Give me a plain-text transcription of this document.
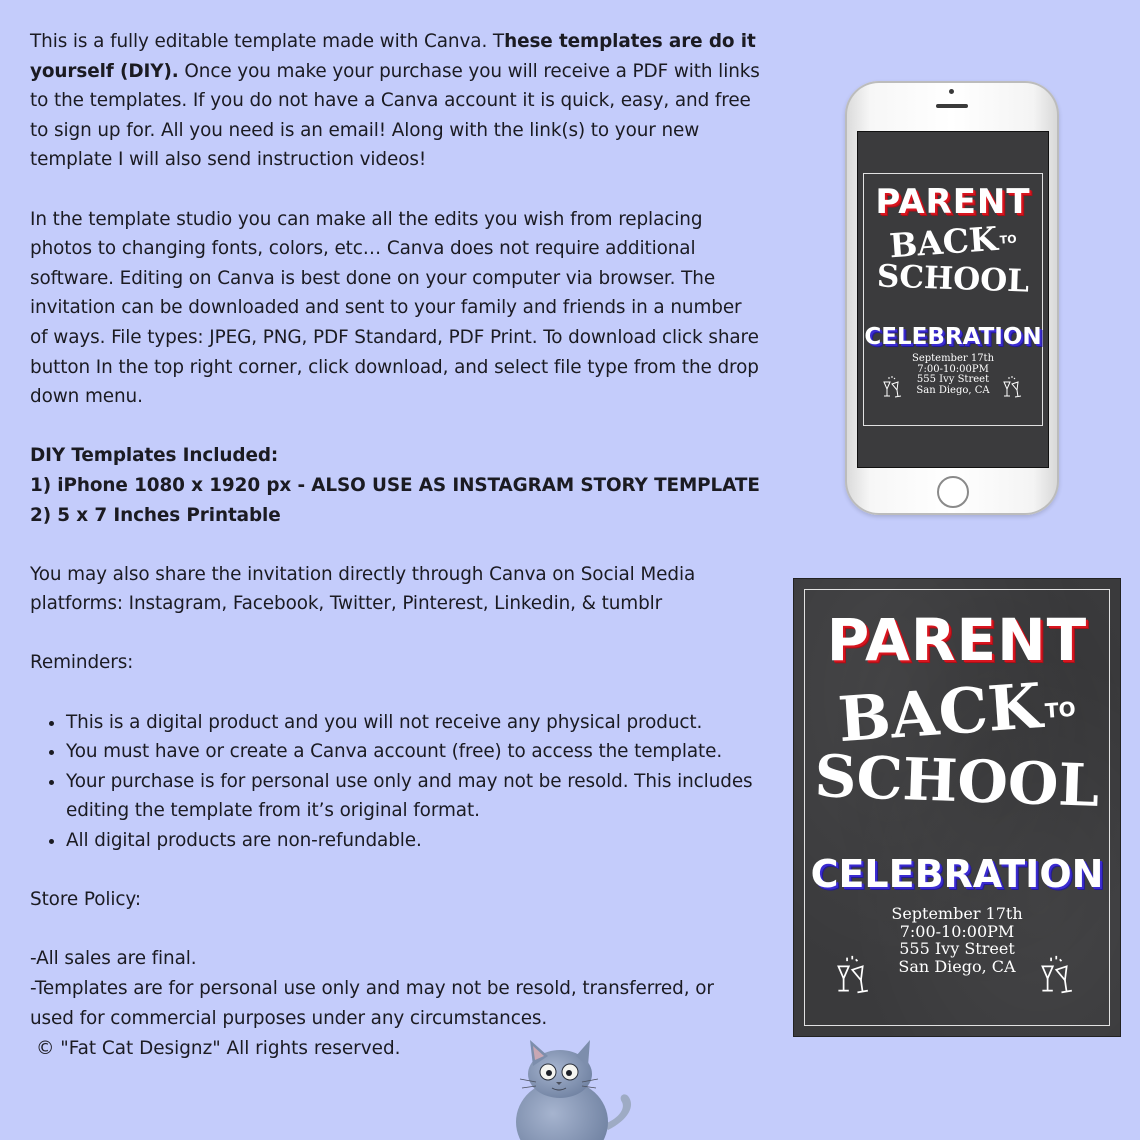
This is a fully editable template made with Canva. These templates are do it yourself (DIY). Once you make your purchase you will receive a PDF with links to the templates. If you do not have a Canva account it is quick, easy, and free to sign up for. All you need is an email! Along with the link(s) to your new template I will also send instruction videos!

In the template studio you can make all the edits you wish from replacing photos to changing fonts, colors, etc… Canva does not require additional software. Editing on Canva is best done on your computer via browser. The invitation can be downloaded and sent to your family and friends in a number of ways. File types: JPEG, PNG, PDF Standard, PDF Print. To download click share button In the top right corner, click download, and select file type from the drop down menu.

DIY Templates Included:
1) iPhone 1080 x 1920 px - ALSO USE AS INSTAGRAM STORY TEMPLATE
2) 5 x 7 Inches Printable

You may also share the invitation directly through Canva on Social Media platforms: Instagram, Facebook, Twitter, Pinterest, Linkedin, & tumblr

Reminders:

• This is a digital product and you will not receive any physical product.
• You must have or create a Canva account (free) to access the template.
• Your purchase is for personal use only and may not be resold. This includes editing the template from it’s original format.
• All digital products are non-refundable.

Store Policy:

-All sales are final.
-Templates are for personal use only and may not be resold, transferred, or used for commercial purposes under any circumstances.

© "Fat Cat Designz" All rights reserved.
PARENT
BACKTO
SCHOOL
CELEBRATION
September 17th
7:00-10:00PM
555 Ivy Street
San Diego, CA
PARENT
BACKTO
SCHOOL
CELEBRATION
September 17th
7:00-10:00PM
555 Ivy Street
San Diego, CA
